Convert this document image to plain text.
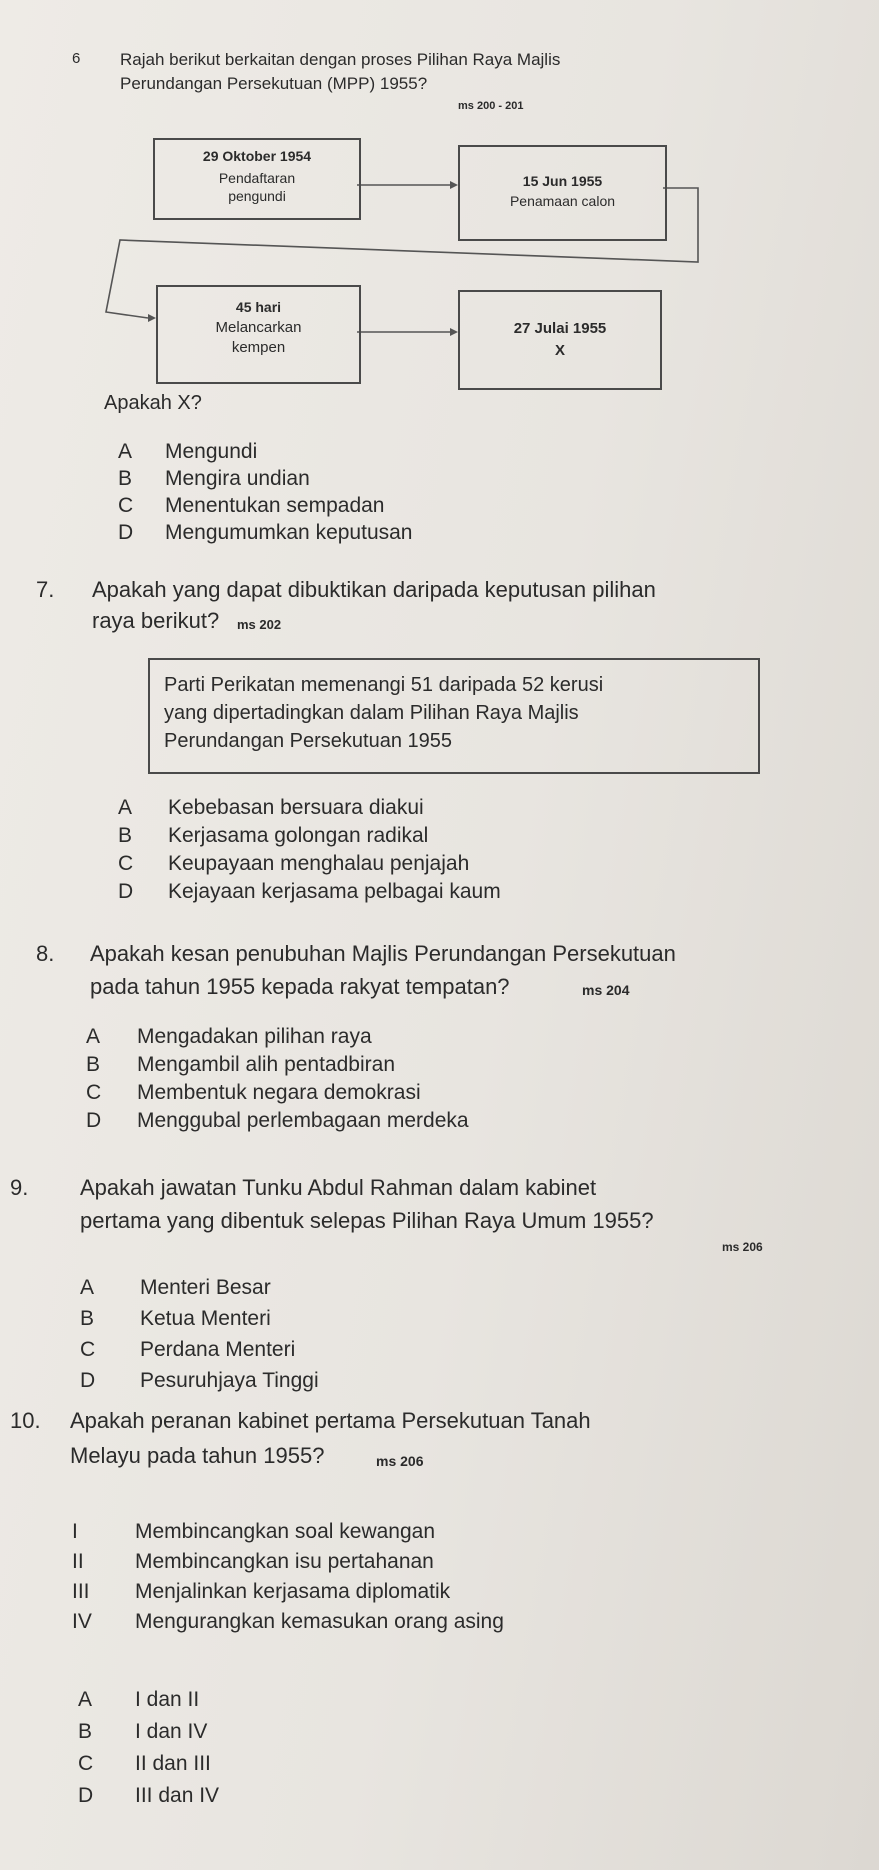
6 Rajah berikut berkaitan dengan proses Pilihan Raya Majlis
Perundangan Persekutuan (MPP) 1955?
ms 200 - 201
29 Oktober 1954
Pendaftaran
pengundi
15 Jun 1955
Penamaan calon
45 hari
Melancarkan
kempen
27 Julai 1955
X
Apakah X?
A Mengundi
B Mengira undian
C Menentukan sempadan
D Mengumumkan keputusan
7. Apakah yang dapat dibuktikan daripada keputusan pilihan
raya berikut? ms 202
Parti Perikatan memenangi 51 daripada 52 kerusi
yang dipertadingkan dalam Pilihan Raya Majlis
Perundangan Persekutuan 1955
A Kebebasan bersuara diakui
B Kerjasama golongan radikal
C Keupayaan menghalau penjajah
D Kejayaan kerjasama pelbagai kaum
8. Apakah kesan penubuhan Majlis Perundangan Persekutuan
pada tahun 1955 kepada rakyat tempatan?	ms 204
A Mengadakan pilihan raya
B Mengambil alih pentadbiran
C Membentuk negara demokrasi
D Menggubal perlembagaan merdeka
9. Apakah jawatan Tunku Abdul Rahman dalam kabinet
pertama yang dibentuk selepas Pilihan Raya Umum 1955?
ms 206
A Menteri Besar
B Ketua Menteri
C Perdana Menteri
D Pesuruhjaya Tinggi
10. Apakah peranan kabinet pertama Persekutuan Tanah
Melayu pada tahun 1955?	ms 206
I	Membincangkan soal kewangan
II Membincangkan isu pertahanan
III Menjalinkan kerjasama diplomatik
IV Mengurangkan kemasukan orang asing
A I dan II
B I dan IV
C II dan III
D III dan IV
